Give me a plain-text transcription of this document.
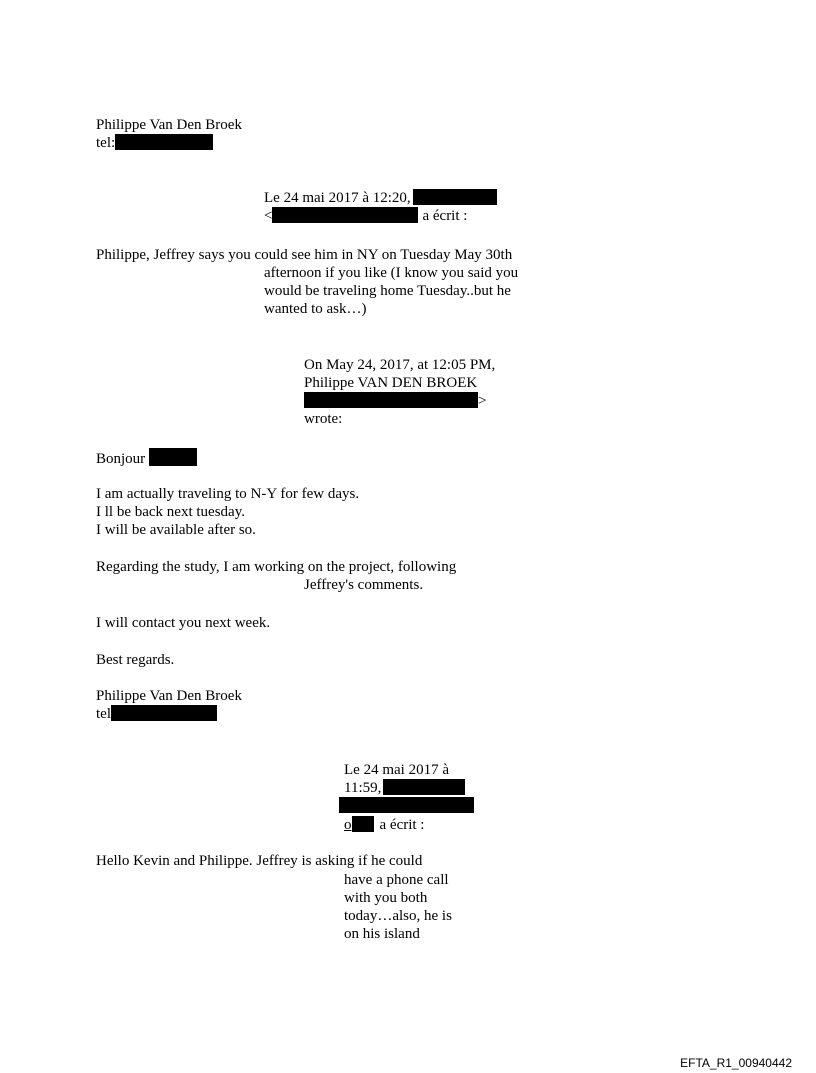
Philippe Van Den Broek
tel:
Le 24 mai 2017 à 12:20,
<	a écrit :
Philippe, Jeffrey says you could see him in NY on Tuesday May 30th
afternoon if you like (I know you said you
would be traveling home Tuesday..but he
wanted to ask…)
On May 24, 2017, at 12:05 PM,
Philippe VAN DEN BROEK
>
wrote:
Bonjour
I am actually traveling to N-Y for few days.
I ll be back next tuesday.
I will be available after so.
Regarding the study, I am working on the project, following
Jeffrey's comments.
I will contact you next week.
Best regards.
Philippe Van Den Broek
tel
Le 24 mai 2017 à
11:59,
o a écrit :
Hello Kevin and Philippe. Jeffrey is asking if he could
have a phone call
with you both
today…also, he is
on his island
EFTA_R1_00940442
